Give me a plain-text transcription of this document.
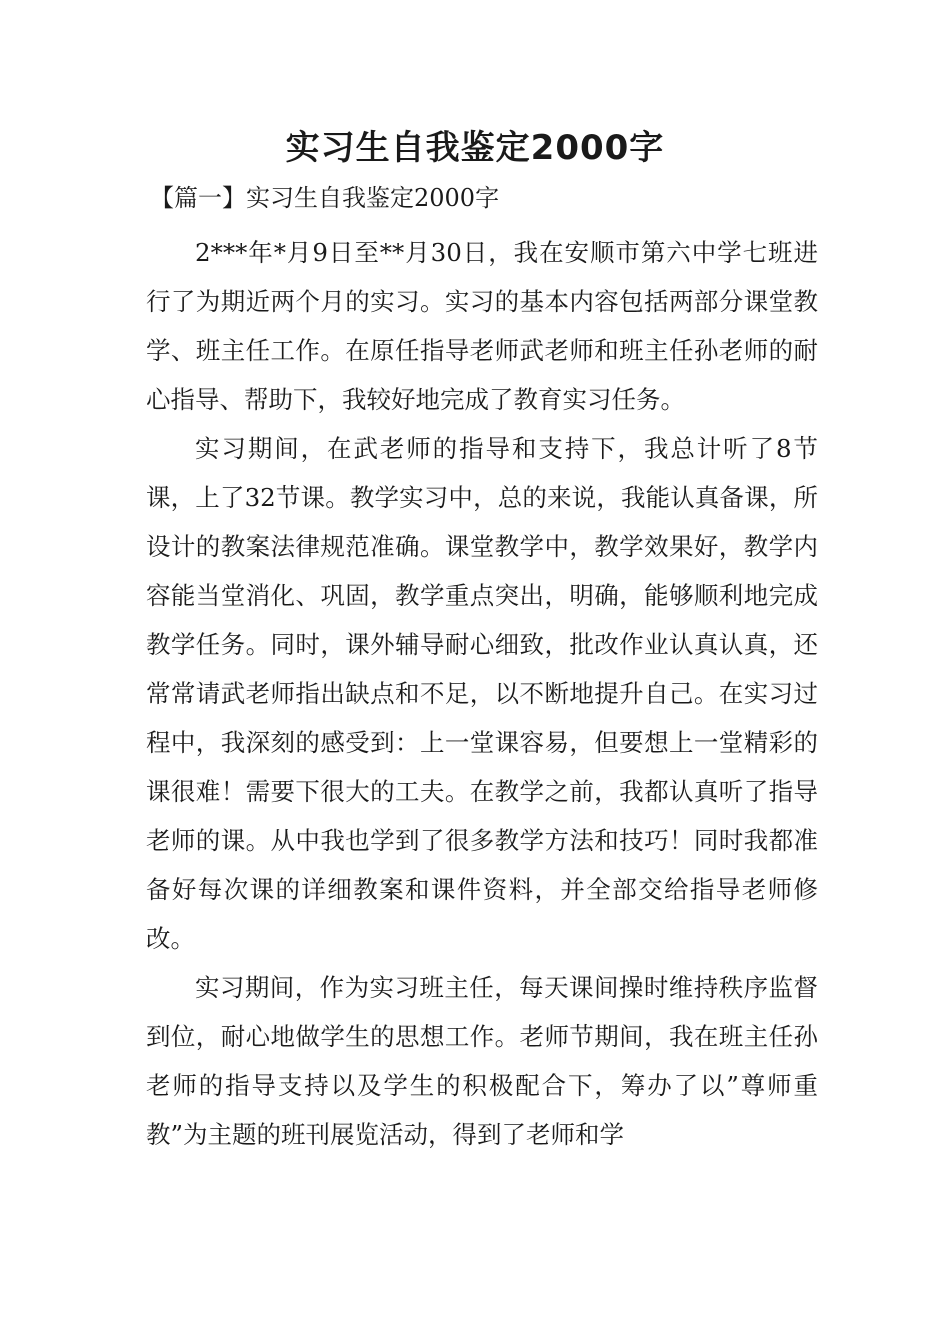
实习生自我鉴定2000字
【篇一】实习生自我鉴定2000字

2***年*月9日至**月30日，我在安顺市第六中学七班进行了为期近两个月的实习。实习的基本内容包括两部分课堂教学、班主任工作。在原任指导老师武老师和班主任孙老师的耐心指导、帮助下，我较好地完成了教育实习任务。

实习期间，在武老师的指导和支持下，我总计听了8节课，上了32节课。教学实习中，总的来说，我能认真备课，所设计的教案法律规范准确。课堂教学中，教学效果好，教学内容能当堂消化、巩固，教学重点突出，明确，能够顺利地完成教学任务。同时，课外辅导耐心细致，批改作业认真认真，还常常请武老师指出缺点和不足，以不断地提升自己。在实习过程中，我深刻的感受到：上一堂课容易，但要想上一堂精彩的课很难！需要下很大的工夫。在教学之前，我都认真听了指导老师的课。从中我也学到了很多教学方法和技巧！同时我都准备好每次课的详细教案和课件资料，并全部交给指导老师修改。

实习期间，作为实习班主任，每天课间操时维持秩序监督到位，耐心地做学生的思想工作。老师节期间，我在班主任孙老师的指导支持以及学生的积极配合下，筹办了以”尊师重教”为主题的班刊展览活动，得到了老师和学
